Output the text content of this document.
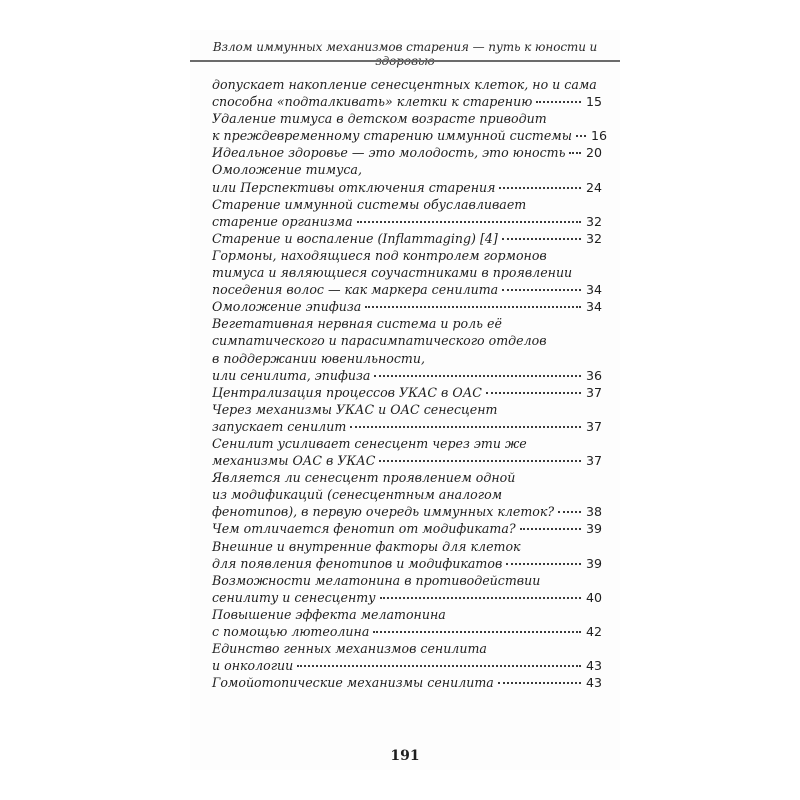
Взлом иммунных механизмов старения — путь к юности и
допускает накопление сенесцентных клеток, но и сама
способна «подталкивать» клетки к старению	15
Удаление тимуса в детском возрасте приводит
к преждевременному старению иммунной системы 16
Идеальное здоровье — это молодость, это юность 20
Омоложение тимуса,
или Перспективы отключения старения	24
Старение иммунной системы обуславливает
старение организма	32
Старение и воспаление (Inflammaging) [4]	32
Гормоны, находящиеся под контролем гормонов
тимуса и являющиеся соучастниками в проявлении
поседения волос — как маркера сенилита	34
Омоложение эпифиза	34
Вегетативная нервная система и роль её
симпатического и парасимпатического отделов
в поддержании ювенильности,
или сенилита, эпифиза	36
Централизация процессов УКАС в ОАС	37
Через механизмы УКАС и ОАС сенесцент
запускает сенилит	37
Сенилит усиливает сенесцент через эти же
механизмы ОАС в УКАС	37
Является ли сенесцент проявлением одной
из модификаций (сенесцентным аналогом
фенотипов), в первую очередь иммунных клеток?	38
Чем отличается фенотип от модификата?	39
Внешние и внутренние факторы для клеток
для появления фенотипов и модификатов	39
Возможности мелатонина в противодействии
сенилиту и сенесценту	40
Повышение эффекта мелатонина
с помощью лютеолина	42
Единство генных механизмов сенилита
и онкологии	43
Гомойотопические механизмы сенилита	43
191
